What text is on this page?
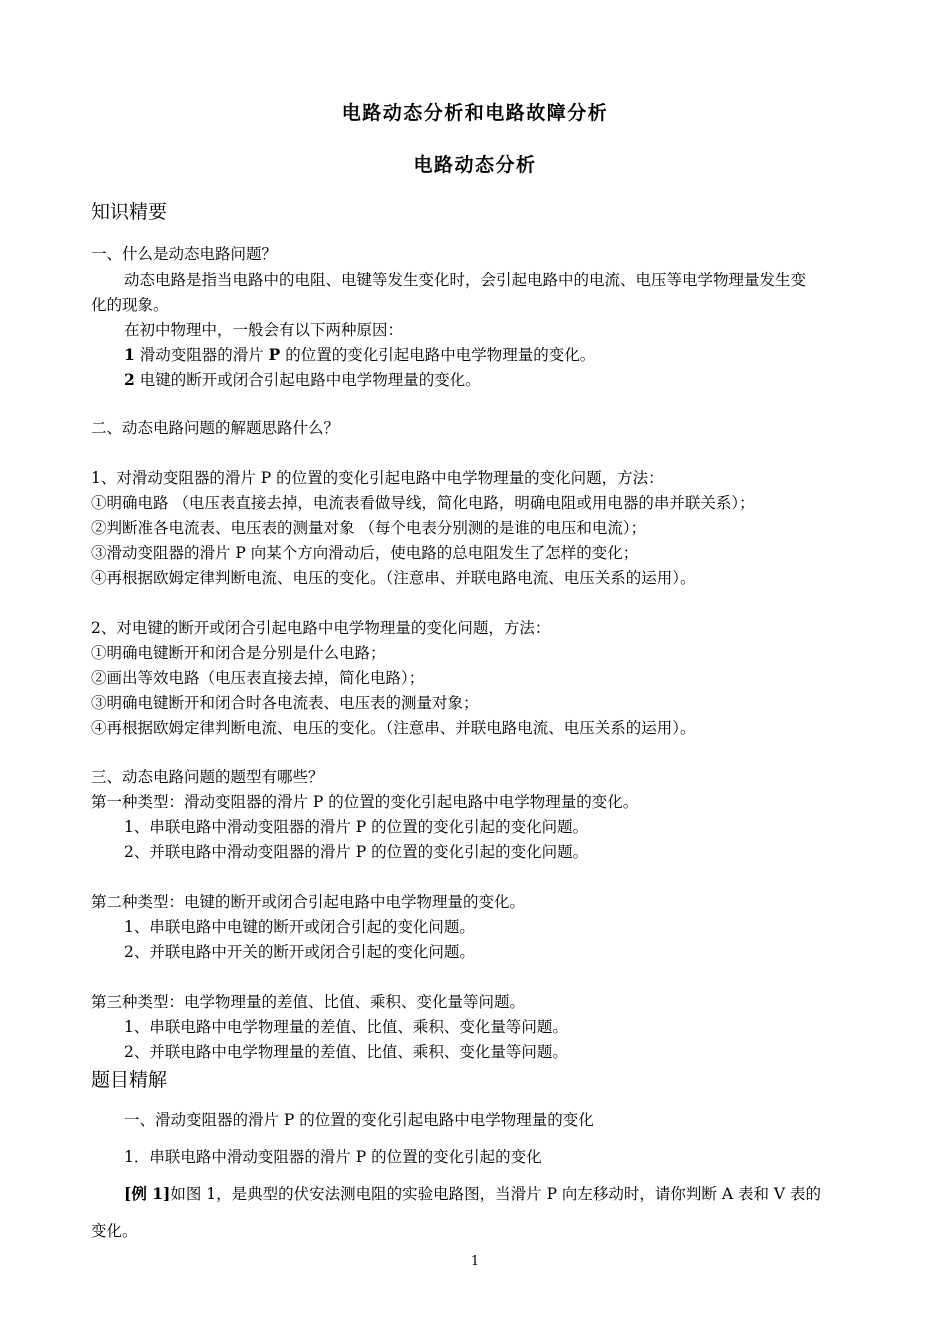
电路动态分析和电路故障分析
电路动态分析
知识精要
一、什么是动态电路问题？
动态电路是指当电路中的电阻、电键等发生变化时，会引起电路中的电流、电压等电学物理量发生变
化的现象。
在初中物理中，一般会有以下两种原因：
1 滑动变阻器的滑片 P 的位置的变化引起电路中电学物理量的变化。
2 电键的断开或闭合引起电路中电学物理量的变化。
二、动态电路问题的解题思路什么？
1、对滑动变阻器的滑片 P 的位置的变化引起电路中电学物理量的变化问题，方法：
①明确电路 （电压表直接去掉，电流表看做导线，简化电路，明确电阻或用电器的串并联关系）；
②判断准各电流表、电压表的测量对象 （每个电表分别测的是谁的电压和电流）；
③滑动变阻器的滑片 P 向某个方向滑动后，使电路的总电阻发生了怎样的变化；
④再根据欧姆定律判断电流、电压的变化。（注意串、并联电路电流、电压关系的运用）。
2、对电键的断开或闭合引起电路中电学物理量的变化问题，方法：
①明确电键断开和闭合是分别是什么电路；
②画出等效电路（电压表直接去掉，简化电路）；
③明确电键断开和闭合时各电流表、电压表的测量对象；
④再根据欧姆定律判断电流、电压的变化。（注意串、并联电路电流、电压关系的运用）。
三、动态电路问题的题型有哪些？
第一种类型：滑动变阻器的滑片 P 的位置的变化引起电路中电学物理量的变化。
1、串联电路中滑动变阻器的滑片 P 的位置的变化引起的变化问题。
2、并联电路中滑动变阻器的滑片 P 的位置的变化引起的变化问题。
第二种类型：电键的断开或闭合引起电路中电学物理量的变化。
1、串联电路中电键的断开或闭合引起的变化问题。
2、并联电路中开关的断开或闭合引起的变化问题。
第三种类型：电学物理量的差值、比值、乘积、变化量等问题。
1、串联电路中电学物理量的差值、比值、乘积、变化量等问题。
2、并联电路中电学物理量的差值、比值、乘积、变化量等问题。
题目精解
一、滑动变阻器的滑片 P 的位置的变化引起电路中电学物理量的变化
1．串联电路中滑动变阻器的滑片 P 的位置的变化引起的变化
[例 1]如图 1，是典型的伏安法测电阻的实验电路图，当滑片 P 向左移动时，请你判断 A 表和 V 表的
变化。
1
